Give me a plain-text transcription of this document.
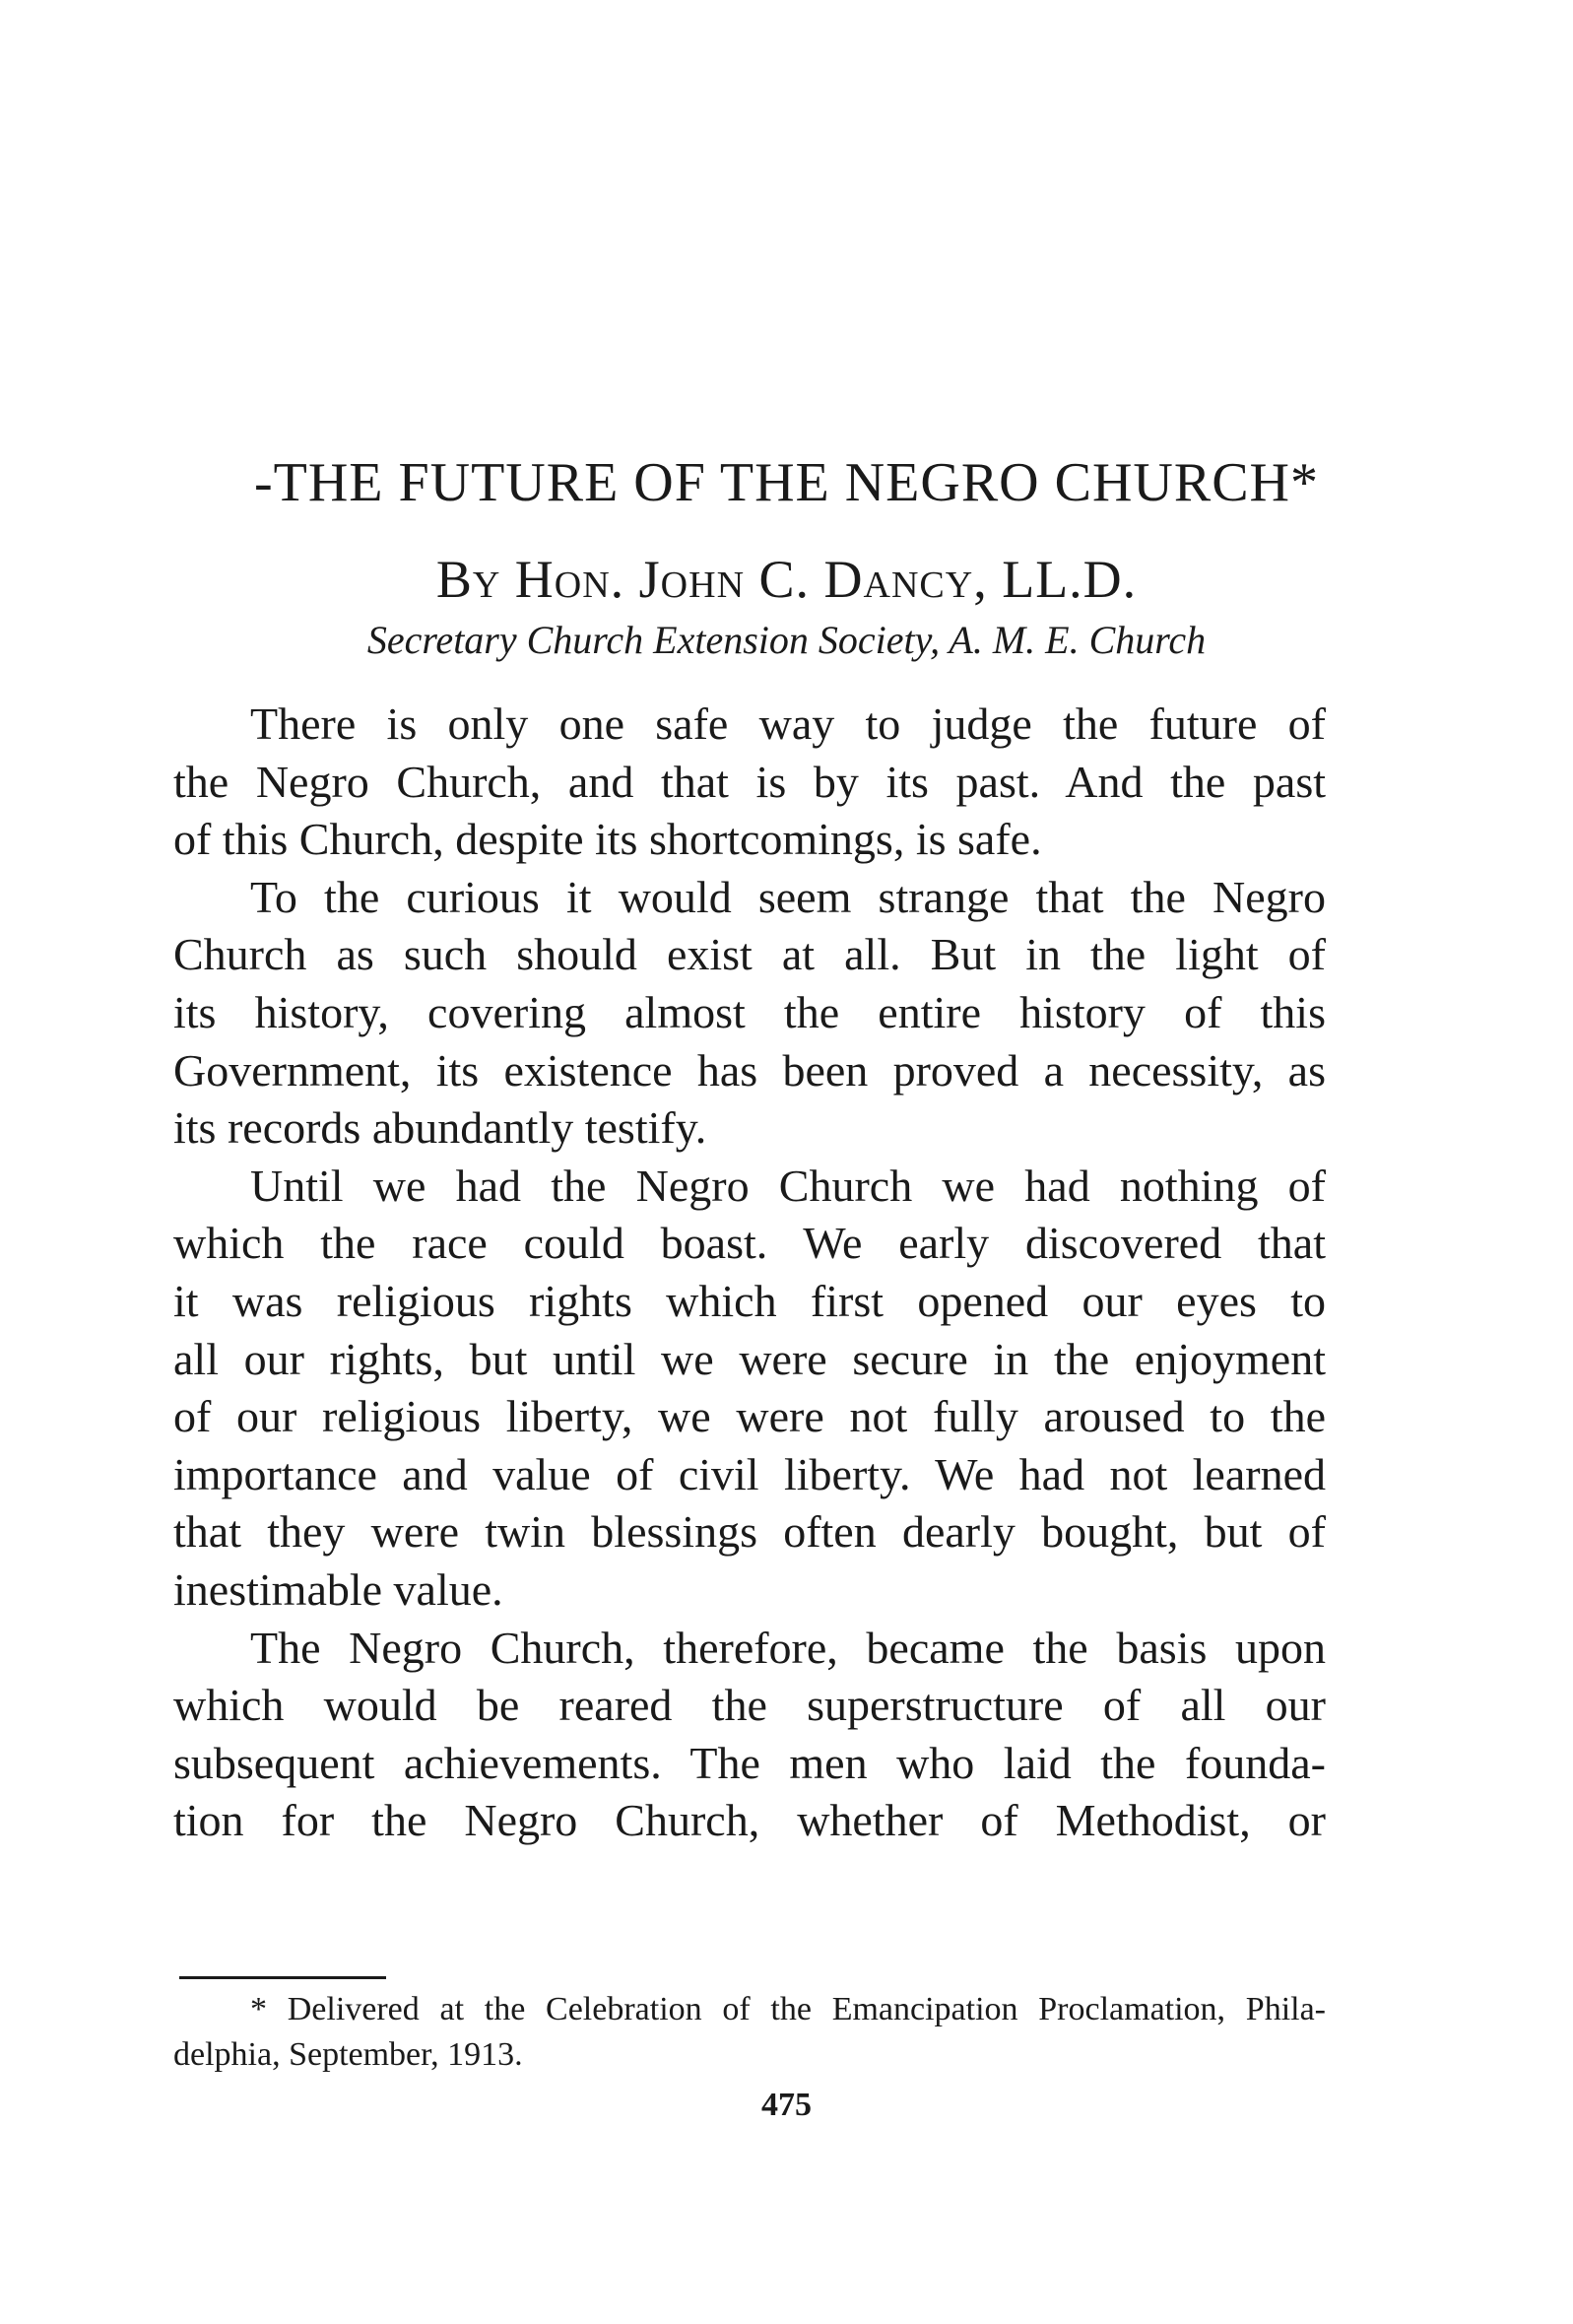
-THE FUTURE OF THE NEGRO CHURCH*
By Hon. John C. Dancy, LL.D.
Secretary Church Extension Society, A. M. E. Church
There is only one safe way to judge the future of
the Negro Church, and that is by its past. And the past
of this Church, despite its shortcomings, is safe.
To the curious it would seem strange that the Negro
Church as such should exist at all. But in the light of
its history, covering almost the entire history of this
Government, its existence has been proved a necessity, as
its records abundantly testify.
Until we had the Negro Church we had nothing of
which the race could boast. We early discovered that
it was religious rights which first opened our eyes to
all our rights, but until we were secure in the enjoyment
of our religious liberty, we were not fully aroused to the
importance and value of civil liberty. We had not learned
that they were twin blessings often dearly bought, but of
inestimable value.
The Negro Church, therefore, became the basis upon
which would be reared the superstructure of all our
subsequent achievements. The men who laid the founda-
tion for the Negro Church, whether of Methodist, or
* Delivered at the Celebration of the Emancipation Proclamation, Phila-
delphia, September, 1913.
475
